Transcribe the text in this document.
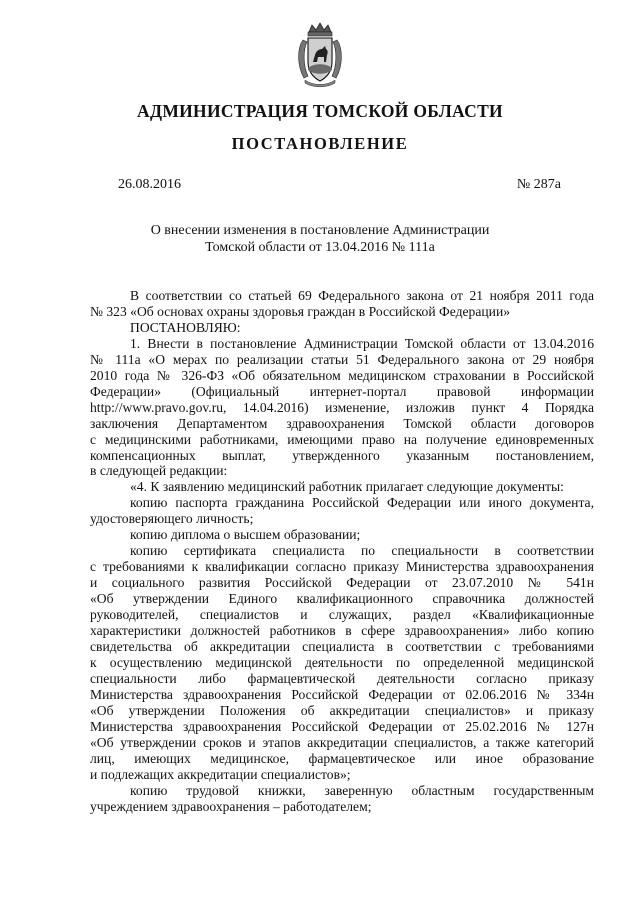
АДМИНИСТРАЦИЯ ТОМСКОЙ ОБЛАСТИ
ПОСТАНОВЛЕНИЕ
26.08.2016	№ 287а
О внесении изменения в постановление Администрации
Томской области от 13.04.2016 № 111а

В соответствии со статьей 69 Федерального закона от 21 ноября 2011 года

№ 323 «Об основах охраны здоровья граждан в Российской Федерации»

ПОСТАНОВЛЯЮ:

1. Внести в постановление Администрации Томской области от 13.04.2016

№ 111а «О мерах по реализации статьи 51 Федерального закона от 29 ноября

2010 года № 326-ФЗ «Об обязательном медицинском страховании в Российской

Федерации» (Официальный интернет-портал правовой информации

http://www.pravo.gov.ru, 14.04.2016) изменение, изложив пункт 4 Порядка

заключения Департаментом здравоохранения Томской области договоров

с медицинскими работниками, имеющими право на получение единовременных

компенсационных выплат, утвержденного указанным постановлением,

в следующей редакции:

«4. К заявлению медицинский работник прилагает следующие документы:

копию паспорта гражданина Российской Федерации или иного документа,

удостоверяющего личность;

копию диплома о высшем образовании;

копию сертификата специалиста по специальности в соответствии

с требованиями к квалификации согласно приказу Министерства здравоохранения

и социального развития Российской Федерации от 23.07.2010 № 541н

«Об утверждении Единого квалификационного справочника должностей

руководителей, специалистов и служащих, раздел «Квалификационные

характеристики должностей работников в сфере здравоохранения» либо копию

свидетельства об аккредитации специалиста в соответствии с требованиями

к осуществлению медицинской деятельности по определенной медицинской

специальности либо фармацевтической деятельности согласно приказу

Министерства здравоохранения Российской Федерации от 02.06.2016 № 334н

«Об утверждении Положения об аккредитации специалистов» и приказу

Министерства здравоохранения Российской Федерации от 25.02.2016 № 127н

«Об утверждении сроков и этапов аккредитации специалистов, а также категорий

лиц, имеющих медицинское, фармацевтическое или иное образование

и подлежащих аккредитации специалистов»;

копию трудовой книжки, заверенную областным государственным

учреждением здравоохранения – работодателем;
